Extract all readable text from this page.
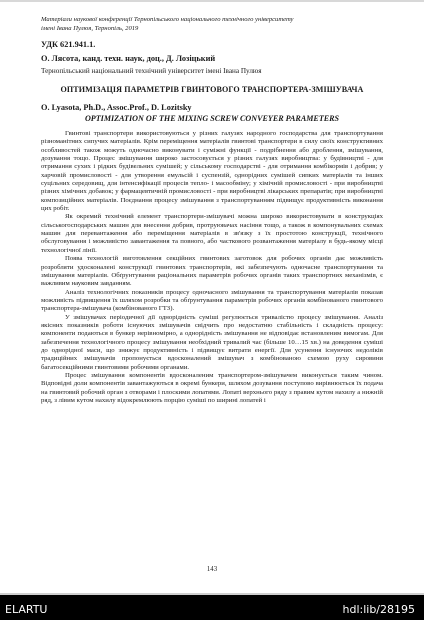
Матеріали наукової конференції Тернопільського національного технічного університету
імені Івана Пулюя, Тернопіль, 2019
УДК 621.941.1.
О. Лясота, канд. техн. наук, доц., Д. Лозіцький
Тернопільський національний технічний університет імені Івана Пулюя
ОПТИМІЗАЦІЯ ПАРАМЕТРІВ ГВИНТОВОГО ТРАНСПОРТЕРА-ЗМІШУВАЧА
O. Lyasota, Ph.D., Assoc.Prof., D. Lozitsky
OPTIMIZATION OF THE MIXING SCREW CONVEYER PARAMETERS

Гвинтові транспортери використовуються у різних галузях народного господарства для транспортування різноманітних сипучих матеріалів. Крім переміщення матеріалів гвинтові транспортери в силу своїх конструктивних особливостей також можуть одночасно виконувати і суміжні функції - подрібнення або дроблення, змішування, дозування тощо. Процес змішування широко застосовується у різних галузях виробництва: у будівництві - для отримання сухих і рідких будівельних сумішей; у сільському господарстві - для отримання комбікормів і добрив; у харчовій промисловості - для утворення емульсій і суспензій, однорідних сумішей сипких матеріалів та інших суцільних середовищ, для інтенсифікації процесів тепло- і масообміну; у хімічній промисловості - при виробництві різних хімічних добавок; у фармацевтичній промисловості - при виробництві лікарських препаратів; при виробництві композиційних матеріалів. Поєднання процесу змішування з транспортуванням підвищує продуктивність виконання цих робіт.

Як окремий технічний елемент транспортери-змішувачі можна широко використовувати в конструкціях сільськогосподарських машин для внесення добрив, протруювачах насіння тощо, а також в компонувальних схемах машин для перевантаження або переміщення матеріалів в зв'язку з їх простотою конструкції, технічного обслуговування і можливістю завантаження та повного, або часткового розвантаження матеріалу в будь-якому місці технологічної лінії.

Поява технологій виготовлення секційних гвинтових заготовок для робочих органів дає можливість розробляти удосконалені конструкції гвинтових транспортерів, які забезпечують одночасне транспортування та змішування матеріалів. Обґрунтування раціональних параметрів робочих органів таких транспортних механізмів, є важливим науковим завданням.

Аналіз технологічних показників процесу одночасного змішування та транспортування матеріалів показав можливість підвищення їх шляхом розробки та обґрунтування параметрів робочих органів комбінованого гвинтового транспортера-змішувача (комбінованого ГТЗ).

У змішувачах періодичної дії однорідність суміші регулюється тривалістю процесу змішування. Аналіз якісних показників роботи існуючих змішувачів свідчить про недостатню стабільність і складність процесу: компоненти подаються в бункер нерівномірно, а однорідність змішування не відповідає встановленим вимогам. Для забезпечення технологічного процесу змішування необхідний тривалий час (більше 10…15 хв.) на доведення суміші до однорідної маси, що знижує продуктивність і підвищує витрати енергії. Для усунення існуючих недоліків традиційних змішувачів пропонується вдосконалений змішувач з комбінованою схемою руху сировини багатосекційними гвинтовими робочими органами.

Процес змішування компонентів вдосконаленим транспортером-змішувачем виконується таким чином. Відповідні доли компонентів завантажуються в окремі бункери, шляхом дозування поступово вирівнюється їх подача на гвинтовий робочий орган з отворами і плоскими лопатями. Лопаті верхнього ряду з правим кутом нахилу а нижній ряд, з лівим кутом нахилу відокремлюють порцію суміші по ширині лопатей і

143
ELARTU	hdl:lib/28195
